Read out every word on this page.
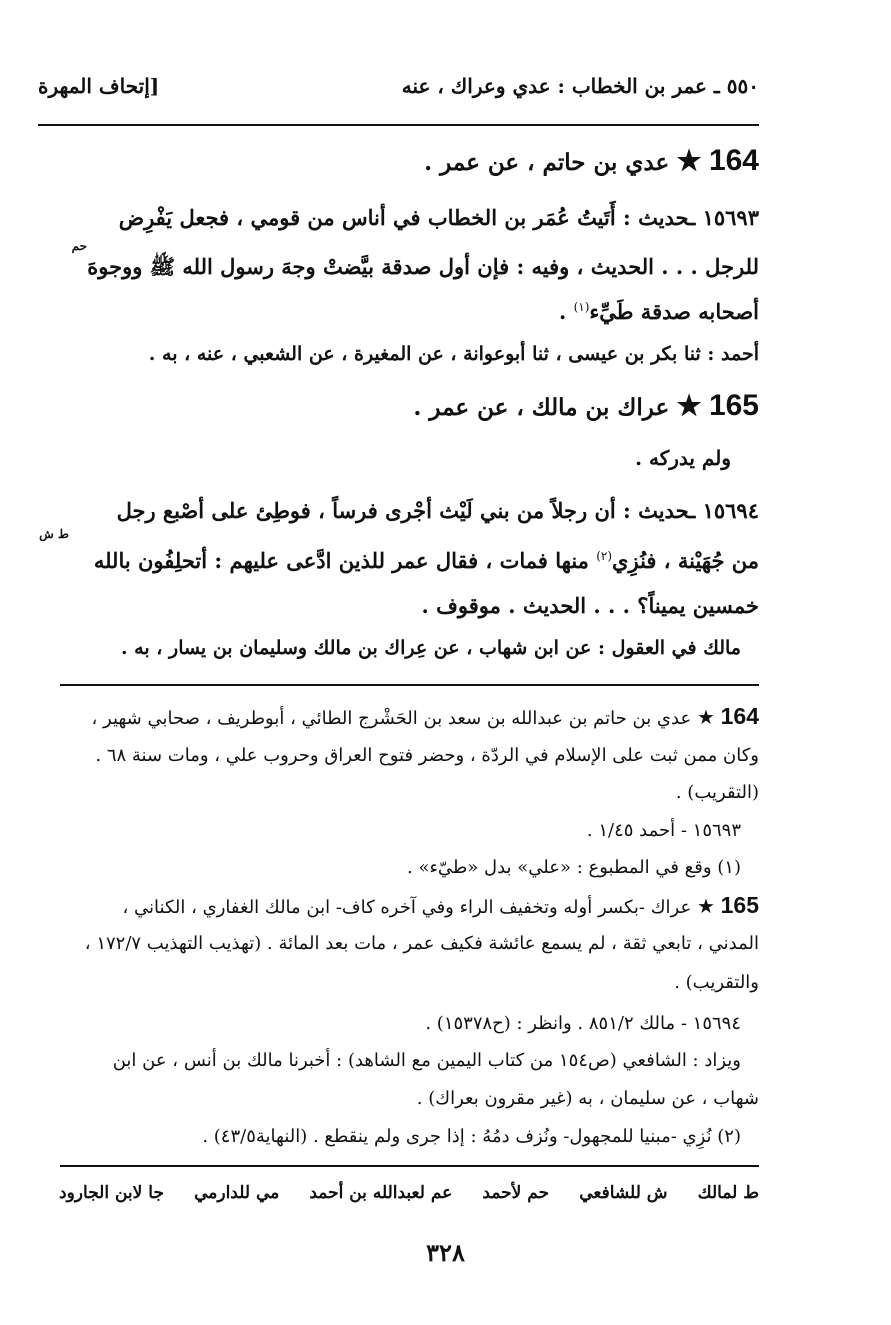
٥٥٠ ـ عمر بن الخطاب : عدي وعراك ، عنه
[إتحاف المهرة
164 ★ عدي بن حاتم ، عن عمر .
١٥٦٩٣ ـحديث : أَتَيتُ عُمَر بن الخطاب في أناس من قومي ، فجعل يَفْرِض
حم
للرجل . . . الحديث ، وفيه : فإن أول صدقة بيَّضتْ وجهَ رسول الله ﷺ ووجوهَ
أصحابه صدقة طَيِّء$^{(١)}$ .
أحمد : ثنا بكر بن عيسى ، ثنا أبوعوانة ، عن المغيرة ، عن الشعبي ، عنه ، به .
165 ★ عراك بن مالك ، عن عمر .
ولم يدركه .
١٥٦٩٤ ـحديث : أن رجلاً من بني لَيْث أجْرى فرساً ، فوطِئ على أصْبع رجل
ط ش
من جُهَيْنة ، فنُزِي$^{(٢)}$ منها فمات ، فقال عمر للذين ادَّعى عليهم : أتحلِفُون بالله
خمسين يميناً؟ . . . الحديث . موقوف .
مالك في العقول : عن ابن شهاب ، عن عِراك بن مالك وسليمان بن يسار ، به .
164 ★ عدي بن حاتم بن عبدالله بن سعد بن الحَشْرج الطائي ، أبوطريف ، صحابي شهير ،
وكان ممن ثبت على الإسلام في الردّة ، وحضر فتوح العراق وحروب علي ، ومات سنة ٦٨ .
(التقريب) .
١٥٦٩٣ - أحمد ١/٤٥ .
(١) وقع في المطبوع : «علي» بدل «طيّء» .
165 ★ عراك -بكسر أوله وتخفيف الراء وفي آخره كاف- ابن مالك الغفاري ، الكناني ،
المدني ، تابعي ثقة ، لم يسمع عائشة فكيف عمر ، مات بعد المائة . (تهذيب التهذيب ١٧٢/٧ ،
والتقريب) .
١٥٦٩٤ - مالك ٨٥١/٢ . وانظر : (ح١٥٣٧٨) .
ويزاد : الشافعي (ص١٥٤ من كتاب اليمين مع الشاهد) : أخبرنا مالك بن أنس ، عن ابن
شهاب ، عن سليمان ، به (غير مقرون بعراك) .
(٢) نُزِي -مبنيا للمجهول- ونُزف دمُهُ : إذا جرى ولم ينقطع . (النهاية٤٣/٥) .
ط لمالك
ش للشافعي
حم لأحمد
عم لعبدالله بن أحمد
مي للدارمي
جا لابن الجارود
٣٢٨
